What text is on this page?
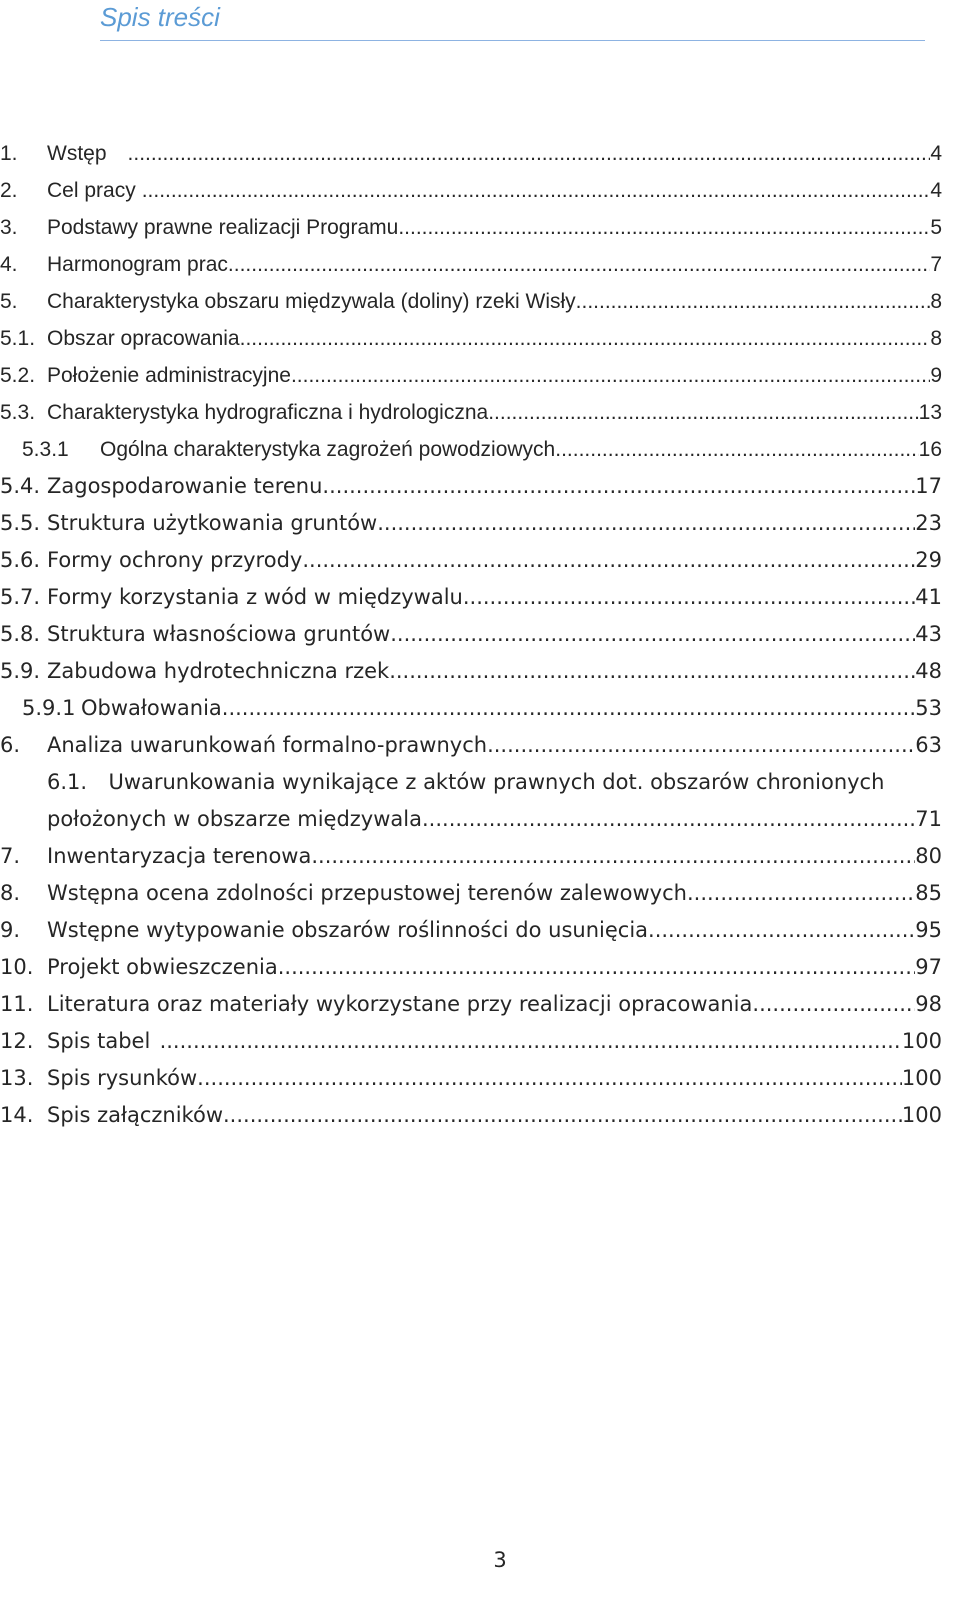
Spis treści
1. Wstęp .....	4
2. Cel pracy .....	4
3. Podstawy prawne realizacji Programu .....	5
4. Harmonogram prac .....	7
5. Charakterystyka obszaru międzywala (doliny) rzeki Wisły .....	8
5.1. Obszar opracowania .....	8
5.2. Położenie administracyjne .....	9
5.3. Charakterystyka hydrograficzna i hydrologiczna .....	13
5.3.1 Ogólna charakterystyka zagrożeń powodziowych .....	16
5.4. Zagospodarowanie terenu .....	17
5.5. Struktura użytkowania gruntów .....	23
5.6. Formy ochrony przyrody .....	29
5.7. Formy korzystania z wód w międzywalu .....	41
5.8. Struktura własnościowa gruntów .....	43
5.9. Zabudowa hydrotechniczna rzek .....	48
5.9.1 Obwałowania .....	53
6. Analiza uwarunkowań formalno-prawnych .....	63
6.1. Uwarunkowania wynikające z aktów prawnych dot. obszarów chronionych
położonych w obszarze międzywala. .....	71
7. Inwentaryzacja terenowa .....	80
8. Wstępna ocena zdolności przepustowej terenów zalewowych. .....	85
9. Wstępne wytypowanie obszarów roślinności do usunięcia .....	95
10. Projekt obwieszczenia .....	97
11. Literatura oraz materiały wykorzystane przy realizacji opracowania .....	98
12. Spis tabel .....	100
13. Spis rysunków .....	100
14. Spis załączników .....	100
3
